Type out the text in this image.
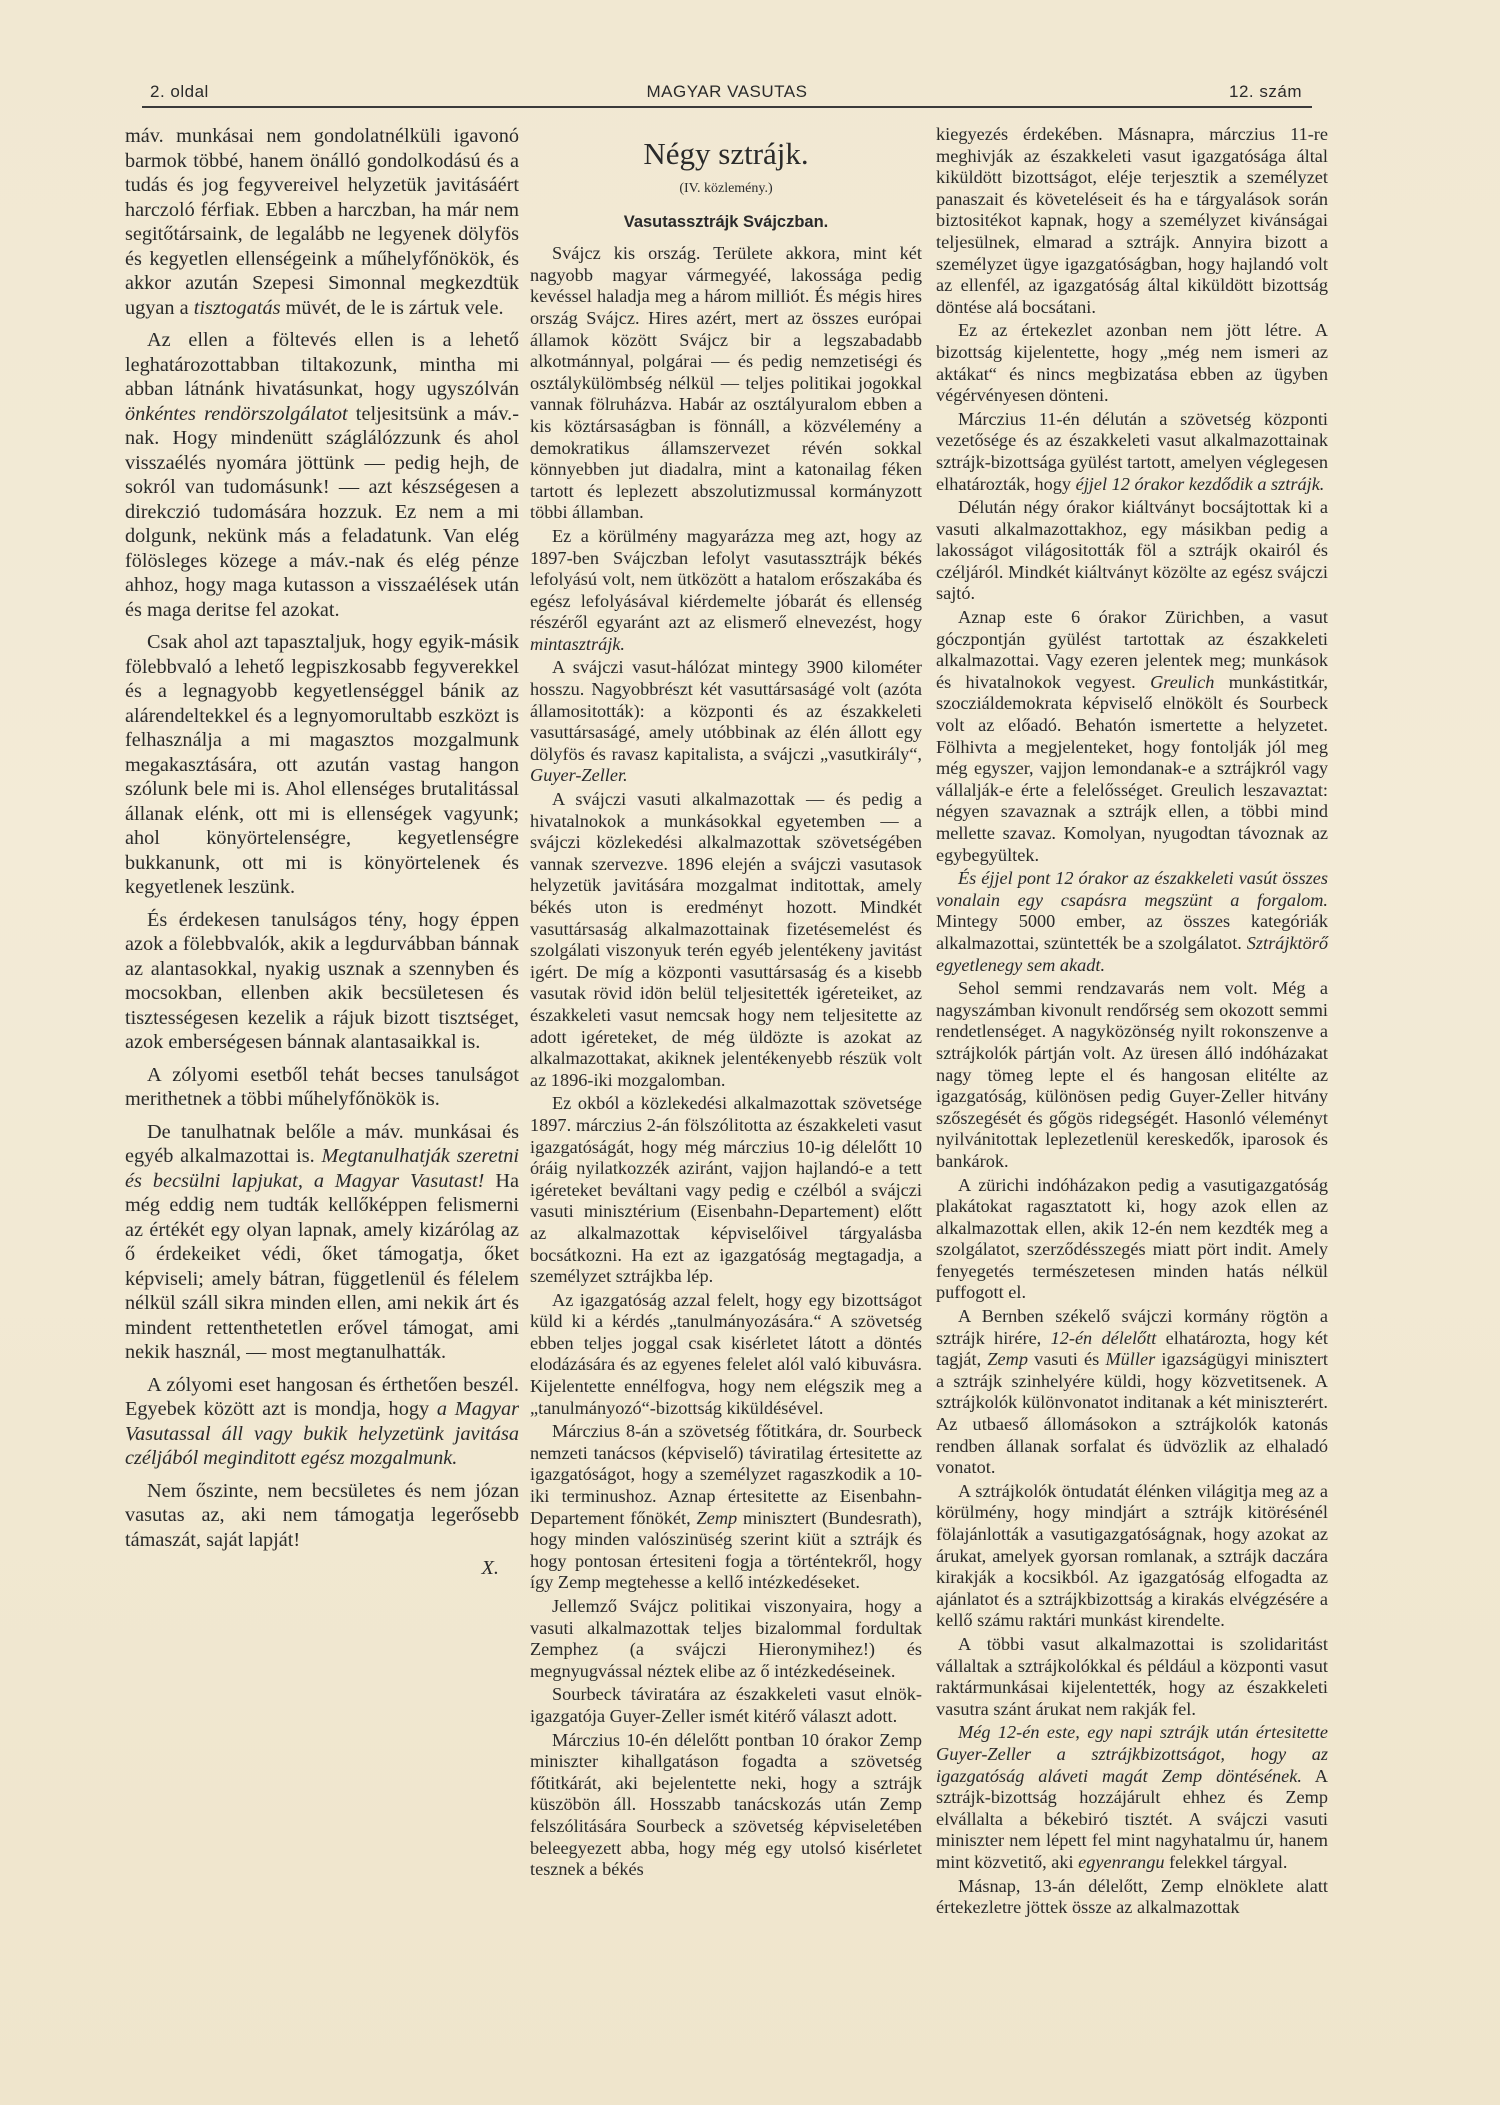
2. oldal	MAGYAR VASUTAS	12. szám

máv. munkásai nem gondolatnélküli igavonó barmok többé, hanem önálló gondolkodású és a tudás és jog fegyvereivel helyzetük javitásáért harczoló férfiak. Ebben a harczban, ha már nem segitőtársaink, de legalább ne legyenek dölyfös és kegyetlen ellenségeink a műhelyfőnökök, és akkor azután Szepesi Simonnal megkezdtük ugyan a tisztogatás müvét, de le is zártuk vele.

Az ellen a föltevés ellen is a lehető leghatározottabban tiltakozunk, mintha mi abban látnánk hivatásunkat, hogy ugyszólván önkéntes rendörszolgálatot teljesitsünk a máv.-nak. Hogy mindenütt száglálózzunk és ahol visszaélés nyomára jöttünk — pedig hejh, de sokról van tudomásunk! — azt készségesen a direkczió tudomására hozzuk. Ez nem a mi dolgunk, nekünk más a feladatunk. Van elég fölösleges közege a máv.-nak és elég pénze ahhoz, hogy maga kutasson a visszaélések után és maga deritse fel azokat.

Csak ahol azt tapasztaljuk, hogy egyik-másik fölebbvaló a lehető legpiszkosabb fegyverekkel és a legnagyobb kegyetlenséggel bánik az alárendeltekkel és a legnyomorultabb eszközt is felhasználja a mi magasztos mozgalmunk megakasztására, ott azután vastag hangon szólunk bele mi is. Ahol ellenséges brutalitással állanak elénk, ott mi is ellenségek vagyunk; ahol könyörtelenségre, kegyetlenségre bukkanunk, ott mi is könyörtelenek és kegyetlenek leszünk.

És érdekesen tanulságos tény, hogy éppen azok a fölebbvalók, akik a legdurvábban bánnak az alantasokkal, nyakig usznak a szennyben és mocsokban, ellenben akik becsületesen és tisztességesen kezelik a rájuk bizott tisztséget, azok emberségesen bánnak alantasaikkal is.

A zólyomi esetből tehát becses tanulságot merithetnek a többi műhelyfőnökök is.

De tanulhatnak belőle a máv. munkásai és egyéb alkalmazottai is. Megtanulhatják szeretni és becsülni lapjukat, a Magyar Vasutast! Ha még eddig nem tudták kellőképpen felismerni az értékét egy olyan lapnak, amely kizárólag az ő érdekeiket védi, őket támogatja, őket képviseli; amely bátran, függetlenül és félelem nélkül száll sikra minden ellen, ami nekik árt és mindent rettenthetetlen erővel támogat, ami nekik használ, — most megtanulhatták.

A zólyomi eset hangosan és érthetően beszél. Egyebek között azt is mondja, hogy a Magyar Vasutassal áll vagy bukik helyzetünk javitása czéljából meginditott egész mozgalmunk.

Nem őszinte, nem becsületes és nem józan vasutas az, aki nem támogatja legerősebb támaszát, saját lapját!

X.
Négy sztrájk.
(IV. közlemény.)
Vasutassztrájk Svájczban.

Svájcz kis ország. Területe akkora, mint két nagyobb magyar vármegyéé, lakossága pedig kevéssel haladja meg a három milliót. És mégis hires ország Svájcz. Hires azért, mert az összes európai államok között Svájcz bir a legszabadabb alkotmánnyal, polgárai — és pedig nemzetiségi és osztálykülömbség nélkül — teljes politikai jogokkal vannak fölruházva. Habár az osztályuralom ebben a kis köztársaságban is fönnáll, a közvélemény a demokratikus államszervezet révén sokkal könnyebben jut diadalra, mint a katonailag féken tartott és leplezett abszolutizmussal kormányzott többi államban.

Ez a körülmény magyarázza meg azt, hogy az 1897-ben Svájczban lefolyt vasutassztrájk békés lefolyású volt, nem ütközött a hatalom erőszakába és egész lefolyásával kiérdemelte jóbarát és ellenség részéről egyaránt azt az elismerő elnevezést, hogy mintasztrájk.

A svájczi vasut-hálózat mintegy 3900 kilométer hosszu. Nagyobbrészt két vasuttársaságé volt (azóta államositották): a központi és az északkeleti vasuttársaságé, amely utóbbinak az élén állott egy dölyfös és ravasz kapitalista, a svájczi „vasutkirály“, Guyer-Zeller.

A svájczi vasuti alkalmazottak — és pedig a hivatalnokok a munkásokkal egyetemben — a svájczi közlekedési alkalmazottak szövetségében vannak szervezve. 1896 elején a svájczi vasutasok helyzetük javitására mozgalmat inditottak, amely békés uton is eredményt hozott. Mindkét vasuttársaság alkalmazottainak fizetésemelést és szolgálati viszonyuk terén egyéb jelentékeny javitást igért. De míg a központi vasuttársaság és a kisebb vasutak rövid idön belül teljesitették igéreteiket, az északkeleti vasut nemcsak hogy nem teljesitette az adott igéreteket, de még üldözte is azokat az alkalmazottakat, akiknek jelentékenyebb részük volt az 1896-iki mozgalomban.

Ez okból a közlekedési alkalmazottak szövetsége 1897. márczius 2-án fölszólitotta az északkeleti vasut igazgatóságát, hogy még márczius 10-ig délelőtt 10 óráig nyilatkozzék aziránt, vajjon hajlandó-e a tett igéreteket beváltani vagy pedig e czélból a svájczi vasuti minisztérium (Eisenbahn-Departement) előtt az alkalmazottak képviselőivel tárgyalásba bocsátkozni. Ha ezt az igazgatóság megtagadja, a személyzet sztrájkba lép.

Az igazgatóság azzal felelt, hogy egy bizottságot küld ki a kérdés „tanulmányozására.“ A szövetség ebben teljes joggal csak kisérletet látott a döntés elodázására és az egyenes felelet alól való kibuvásra. Kijelentette ennélfogva, hogy nem elégszik meg a „tanulmányozó“-bizottság kiküldésével.

Márczius 8-án a szövetség főtitkára, dr. Sourbeck nemzeti tanácsos (képviselő) táviratilag értesitette az igazgatóságot, hogy a személyzet ragaszkodik a 10-iki terminushoz. Aznap értesitette az Eisenbahn-Departement főnökét, Zemp minisztert (Bundesrath), hogy minden valószinüség szerint kiüt a sztrájk és hogy pontosan értesiteni fogja a történtekről, hogy így Zemp megtehesse a kellő intézkedéseket.

Jellemző Svájcz politikai viszonyaira, hogy a vasuti alkalmazottak teljes bizalommal fordultak Zemphez (a svájczi Hieronymihez!) és megnyugvással néztek elibe az ő intézkedéseinek.

Sourbeck táviratára az északkeleti vasut elnök-igazgatója Guyer-Zeller ismét kitérő választ adott.

Márczius 10-én délelőtt pontban 10 órakor Zemp miniszter kihallgatáson fogadta a szövetség főtitkárát, aki bejelentette neki, hogy a sztrájk küszöbön áll. Hosszabb tanácskozás után Zemp felszólitására Sourbeck a szövetség képviseletében beleegyezett abba, hogy még egy utolsó kisérletet tesznek a békés

kiegyezés érdekében. Másnapra, márczius 11-re meghivják az északkeleti vasut igazgatósága által kiküldött bizottságot, eléje terjesztik a személyzet panaszait és követeléseit és ha e tárgyalások során biztositékot kapnak, hogy a személyzet kivánságai teljesülnek, elmarad a sztrájk. Annyira bizott a személyzet ügye igazgatóságban, hogy hajlandó volt az ellenfél, az igazgatóság által kiküldött bizottság döntése alá bocsátani.

Ez az értekezlet azonban nem jött létre. A bizottság kijelentette, hogy „még nem ismeri az aktákat“ és nincs megbizatása ebben az ügyben végérvényesen dönteni.

Márczius 11-én délután a szövetség központi vezetősége és az északkeleti vasut alkalmazottainak sztrájk-bizottsága gyülést tartott, amelyen véglegesen elhatározták, hogy éjjel 12 órakor kezdődik a sztrájk.

Délután négy órakor kiáltványt bocsájtottak ki a vasuti alkalmazottakhoz, egy másikban pedig a lakosságot világositották föl a sztrájk okairól és czéljáról. Mindkét kiáltványt közölte az egész svájczi sajtó.

Aznap este 6 órakor Zürichben, a vasut góczpontján gyülést tartottak az északkeleti alkalmazottai. Vagy ezeren jelentek meg; munkások és hivatalnokok vegyest. Greulich munkástitkár, szocziáldemokrata képviselő elnökölt és Sourbeck volt az előadó. Behatón ismertette a helyzetet. Fölhivta a megjelenteket, hogy fontolják jól meg még egyszer, vajjon lemondanak-e a sztrájkról vagy vállalják-e érte a felelősséget. Greulich leszavaztat: négyen szavaznak a sztrájk ellen, a többi mind mellette szavaz. Komolyan, nyugodtan távoznak az egybegyültek.

És éjjel pont 12 órakor az északkeleti vasút összes vonalain egy csapásra megszünt a forgalom. Mintegy 5000 ember, az összes kategóriák alkalmazottai, szüntették be a szolgálatot. Sztrájktörő egyetlenegy sem akadt.

Sehol semmi rendzavarás nem volt. Még a nagyszámban kivonult rendőrség sem okozott semmi rendetlenséget. A nagyközönség nyilt rokonszenve a sztrájkolók pártján volt. Az üresen álló indóházakat nagy tömeg lepte el és hangosan elitélte az igazgatóság, különösen pedig Guyer-Zeller hitvány szőszegését és gőgös ridegségét. Hasonló véleményt nyilvánitottak leplezetlenül kereskedők, iparosok és bankárok.

A zürichi indóházakon pedig a vasutigazgatóság plakátokat ragasztatott ki, hogy azok ellen az alkalmazottak ellen, akik 12-én nem kezdték meg a szolgálatot, szerződésszegés miatt pört indit. Amely fenyegetés természetesen minden hatás nélkül puffogott el.

A Bernben székelő svájczi kormány rögtön a sztrájk hirére, 12-én délelőtt elhatározta, hogy két tagját, Zemp vasuti és Müller igazságügyi minisztert a sztrájk szinhelyére küldi, hogy közvetitsenek. A sztrájkolók különvonatot inditanak a két miniszterért. Az utbaeső állomásokon a sztrájkolók katonás rendben állanak sorfalat és üdvözlik az elhaladó vonatot.

A sztrájkolók öntudatát élénken világitja meg az a körülmény, hogy mindjárt a sztrájk kitörésénél fölajánlották a vasutigazgatóságnak, hogy azokat az árukat, amelyek gyorsan romlanak, a sztrájk daczára kirakják a kocsikból. Az igazgatóság elfogadta az ajánlatot és a sztrájkbizottság a kirakás elvégzésére a kellő számu raktári munkást kirendelte.

A többi vasut alkalmazottai is szolidaritást vállaltak a sztrájkolókkal és például a központi vasut raktármunkásai kijelentették, hogy az északkeleti vasutra szánt árukat nem rakják fel.

Még 12-én este, egy napi sztrájk után értesitette Guyer-Zeller a sztrájkbizottságot, hogy az igazgatóság aláveti magát Zemp döntésének. A sztrájk-bizottság hozzájárult ehhez és Zemp elvállalta a békebiró tisztét. A svájczi vasuti miniszter nem lépett fel mint nagyhatalmu úr, hanem mint közvetitő, aki egyenrangu felekkel tárgyal.

Másnap, 13-án délelőtt, Zemp elnöklete alatt értekezletre jöttek össze az alkalmazottak
